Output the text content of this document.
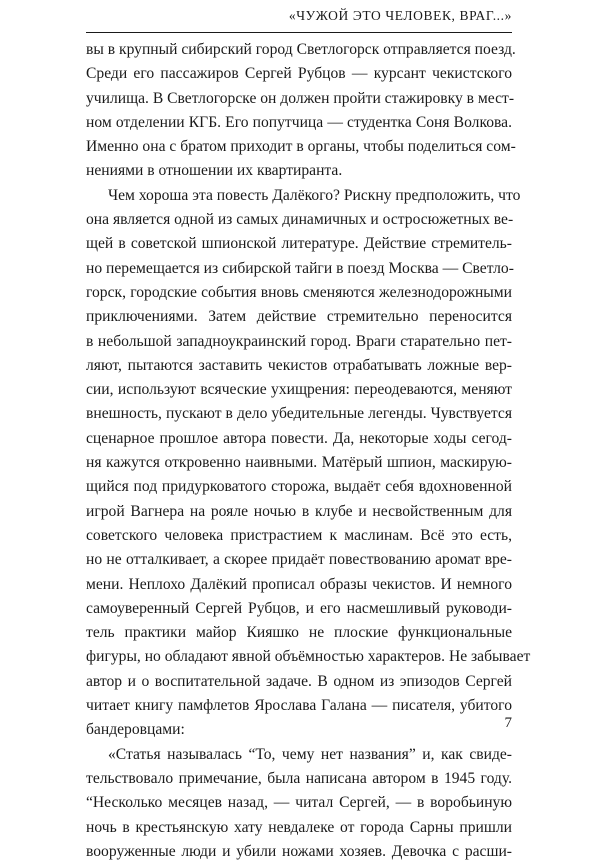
«ЧУЖОЙ ЭТО ЧЕЛОВЕК, ВРАГ...»
вы в крупный сибирский город Светлогорск отправляется поезд.
Среди его пассажиров Сергей Рубцов — курсант чекистского
училища. В Светлогорске он должен пройти стажировку в мест-
ном отделении КГБ. Его попутчица — студентка Соня Волкова.
Именно она с братом приходит в органы, чтобы поделиться сом-
нениями в отношении их квартиранта.
Чем хороша эта повесть Далёкого? Рискну предположить, что
она является одной из самых динамичных и остросюжетных ве-
щей в советской шпионской литературе. Действие стремитель-
но перемещается из сибирской тайги в поезд Москва — Светло-
горск, городские события вновь сменяются железнодорожными
приключениями. Затем действие стремительно переносится
в небольшой западноукраинский город. Враги старательно пет-
ляют, пытаются заставить чекистов отрабатывать ложные вер-
сии, используют всяческие ухищрения: переодеваются, меняют
внешность, пускают в дело убедительные легенды. Чувствуется
сценарное прошлое автора повести. Да, некоторые ходы сегод-
ня кажутся откровенно наивными. Матёрый шпион, маскирую-
щийся под придурковатого сторожа, выдаёт себя вдохновенной
игрой Вагнера на рояле ночью в клубе и несвойственным для
советского человека пристрастием к маслинам. Всё это есть,
но не отталкивает, а скорее придаёт повествованию аромат вре-
мени. Неплохо Далёкий прописал образы чекистов. И немного
самоуверенный Сергей Рубцов, и его насмешливый руководи-
тель практики майор Кияшко не плоские функциональные
фигуры, но обладают явной объёмностью характеров. Не забывает
автор и о воспитательной задаче. В одном из эпизодов Сергей
читает книгу памфлетов Ярослава Галана — писателя, убитого
бандеровцами:
«Статья называлась “То, чему нет названия” и, как свиде-
тельствовало примечание, была написана автором в 1945 году.
“Несколько месяцев назад, — читал Сергей, — в воробьиную
ночь в крестьянскую хату невдалеке от города Сарны пришли
вооруженные люди и убили ножами хозяев. Девочка с расши-
7
